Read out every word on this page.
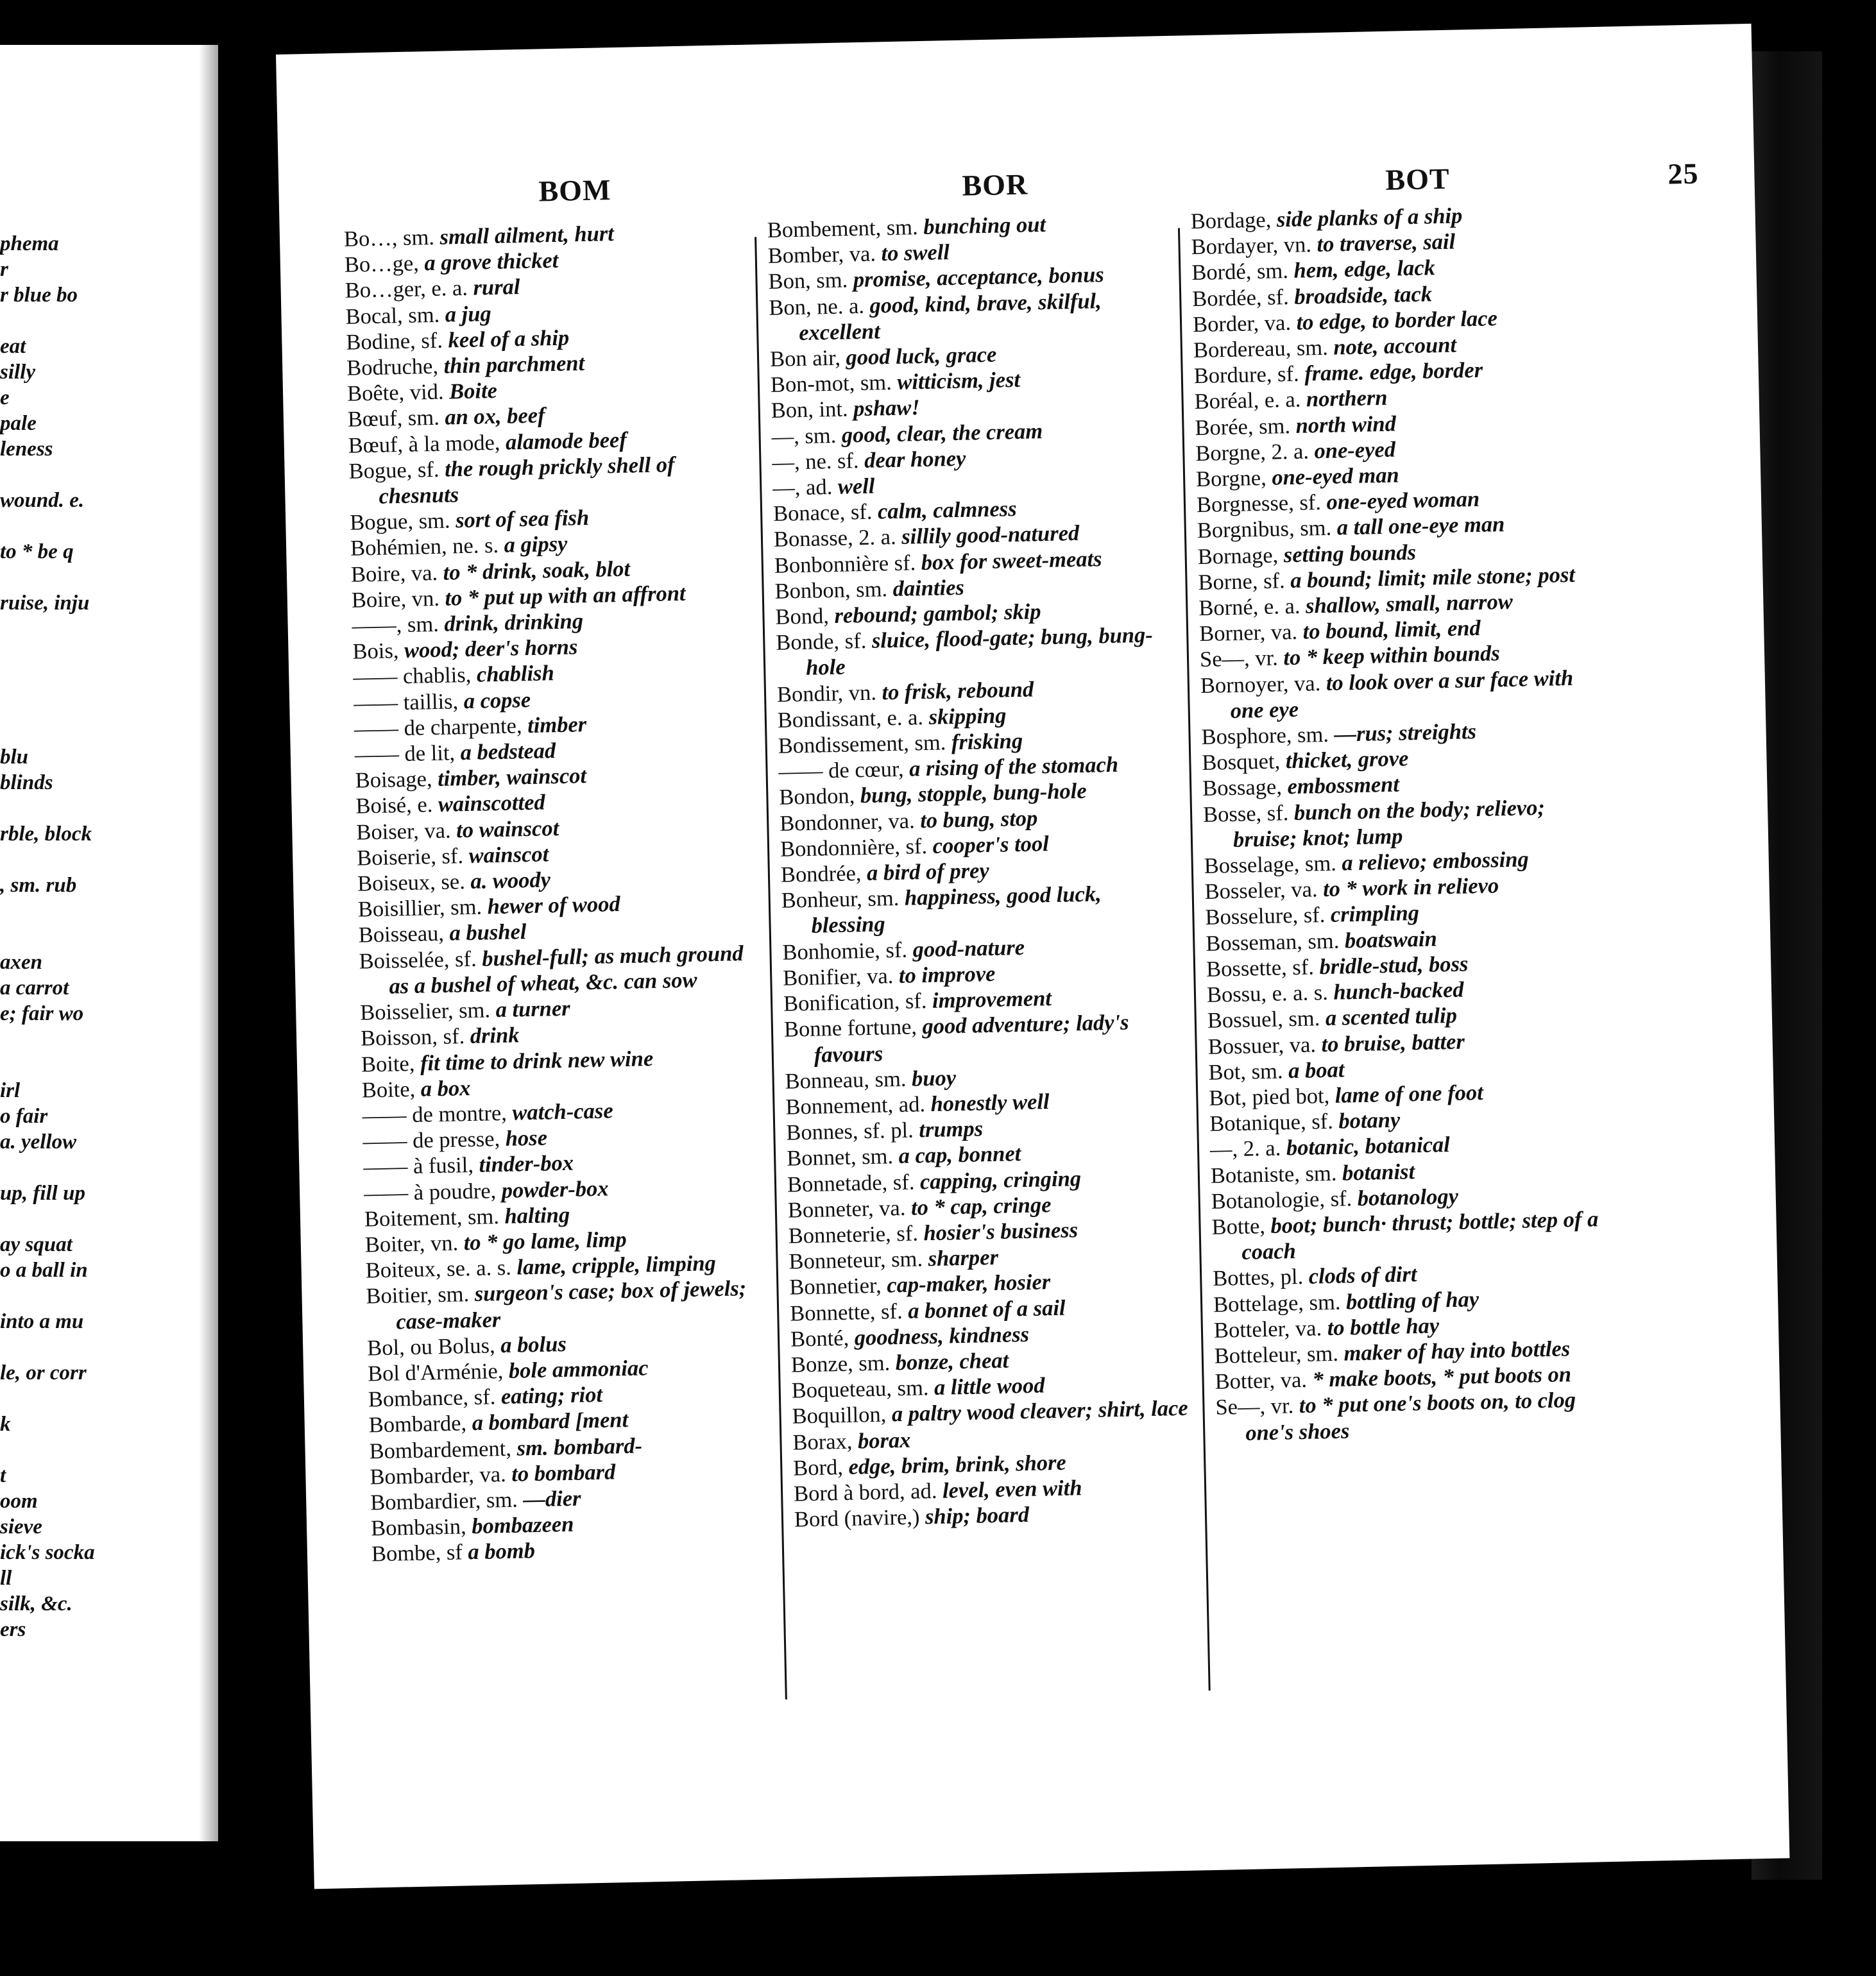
phema
r
r blue bo
eat
silly
e
pale
leness
wound. e.
to * be q
ruise, inju
blu
blinds
rble, block
, sm. rub
axen
a carrot
e; fair wo
irl
o fair
a. yellow
up, fill up
ay squat
o a ball in
into a mu
le, or corr
k
t
oom
sieve
ick's socka
ll
silk, &c.
ers
BOM	BOR	BOT	25
Bo…, sm. small ailment, hurt
Bo…ge, a grove thicket
Bo…ger, e. a. rural
Bocal, sm. a jug
Bodine, sf. keel of a ship
Bodruche, thin parchment
Boête, vid. Boite
Bœuf, sm. an ox, beef
Bœuf, à la mode, alamode beef
Bogue, sf. the rough prickly shell of chesnuts
Bogue, sm. sort of sea fish
Bohémien, ne. s. a gipsy
Boire, va. to * drink, soak, blot
Boire, vn. to * put up with an affront
——, sm. drink, drinking
Bois, wood; deer's horns
—— chablis, chablish
—— taillis, a copse
—— de charpente, timber
—— de lit, a bedstead
Boisage, timber, wainscot
Boisé, e. wainscotted
Boiser, va. to wainscot
Boiserie, sf. wainscot
Boiseux, se. a. woody
Boisillier, sm. hewer of wood
Boisseau, a bushel
Boisselée, sf. bushel-full; as much ground as a bushel of wheat, &c. can sow
Boisselier, sm. a turner
Boisson, sf. drink
Boite, fit time to drink new wine
Boite, a box
—— de montre, watch-case
—— de presse, hose
—— à fusil, tinder-box
—— à poudre, powder-box
Boitement, sm. halting
Boiter, vn. to * go lame, limp
Boiteux, se. a. s. lame, cripple, limping
Boitier, sm. surgeon's case; box of jewels; case-maker
Bol, ou Bolus, a bolus
Bol d'Arménie, bole ammoniac
Bombance, sf. eating; riot
Bombarde, a bombard [ment
Bombardement, sm. bombard-
Bombarder, va. to bombard
Bombardier, sm. —dier
Bombasin, bombazeen
Bombe, sf a bomb
Bombement, sm. bunching out
Bomber, va. to swell
Bon, sm. promise, acceptance, bonus
Bon, ne. a. good, kind, brave, skilful, excellent
Bon air, good luck, grace
Bon-mot, sm. witticism, jest
Bon, int. pshaw!
—, sm. good, clear, the cream
—, ne. sf. dear honey
—, ad. well
Bonace, sf. calm, calmness
Bonasse, 2. a. sillily good-natured
Bonbonnière sf. box for sweet-meats
Bonbon, sm. dainties
Bond, rebound; gambol; skip
Bonde, sf. sluice, flood-gate; bung, bung-hole
Bondir, vn. to frisk, rebound
Bondissant, e. a. skipping
Bondissement, sm. frisking
—— de cœur, a rising of the stomach
Bondon, bung, stopple, bung-hole
Bondonner, va. to bung, stop
Bondonnière, sf. cooper's tool
Bondrée, a bird of prey
Bonheur, sm. happiness, good luck, blessing
Bonhomie, sf. good-nature
Bonifier, va. to improve
Bonification, sf. improvement
Bonne fortune, good adventure; lady's favours
Bonneau, sm. buoy
Bonnement, ad. honestly well
Bonnes, sf. pl. trumps
Bonnet, sm. a cap, bonnet
Bonnetade, sf. capping, cringing
Bonneter, va. to * cap, cringe
Bonneterie, sf. hosier's business
Bonneteur, sm. sharper
Bonnetier, cap-maker, hosier
Bonnette, sf. a bonnet of a sail
Bonté, goodness, kindness
Bonze, sm. bonze, cheat
Boqueteau, sm. a little wood
Boquillon, a paltry wood cleaver; shirt, lace
Borax, borax
Bord, edge, brim, brink, shore
Bord à bord, ad. level, even with
Bord (navire,) ship; board
Bordage, side planks of a ship
Bordayer, vn. to traverse, sail
Bordé, sm. hem, edge, lack
Bordée, sf. broadside, tack
Border, va. to edge, to border lace
Bordereau, sm. note, account
Bordure, sf. frame. edge, border
Boréal, e. a. northern
Borée, sm. north wind
Borgne, 2. a. one-eyed
Borgne, one-eyed man
Borgnesse, sf. one-eyed woman
Borgnibus, sm. a tall one-eye man
Bornage, setting bounds
Borne, sf. a bound; limit; mile stone; post
Borné, e. a. shallow, small, narrow
Borner, va. to bound, limit, end
Se—, vr. to * keep within bounds
Bornoyer, va. to look over a sur face with one eye
Bosphore, sm. —rus; streights
Bosquet, thicket, grove
Bossage, embossment
Bosse, sf. bunch on the body; relievo; bruise; knot; lump
Bosselage, sm. a relievo; embossing
Bosseler, va. to * work in relievo
Bosselure, sf. crimpling
Bosseman, sm. boatswain
Bossette, sf. bridle-stud, boss
Bossu, e. a. s. hunch-backed
Bossuel, sm. a scented tulip
Bossuer, va. to bruise, batter
Bot, sm. a boat
Bot, pied bot, lame of one foot
Botanique, sf. botany
—, 2. a. botanic, botanical
Botaniste, sm. botanist
Botanologie, sf. botanology
Botte, boot; bunch· thrust; bottle; step of a coach
Bottes, pl. clods of dirt
Bottelage, sm. bottling of hay
Botteler, va. to bottle hay
Botteleur, sm. maker of hay into bottles
Botter, va. * make boots, * put boots on
Se—, vr. to * put one's boots on, to clog one's shoes
